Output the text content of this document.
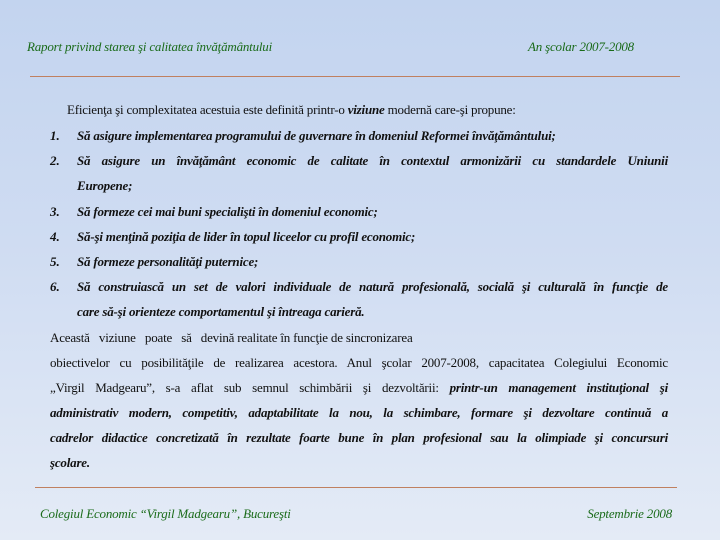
Raport privind starea şi calitatea învăţământului	An şcolar 2007-2008
Eficienţa şi complexitatea acestuia este definită printr-o viziune modernă care-şi propune:
1. Să asigure implementarea programului de guvernare în domeniul Reformei învăţământului;
2. Să asigure un învăţământ economic de calitate în contextul armonizării cu standardele Uniunii
Europene;
3. Să formeze cei mai buni specialişti în domeniul economic;
4. Să-şi menţină poziţia de lider în topul liceelor cu profil economic;
5. Să formeze personalităţi puternice;
6. Să construiască un set de valori individuale de natură profesională, socială şi culturală în funcţie de
care să-şi orienteze comportamentul şi întreaga carieră.
Această   viziune   poate   să   devină realitate în funcţie de sincronizarea
obiectivelor cu posibilităţile de realizarea acestora. Anul şcolar 2007-2008, capacitatea Colegiului Economic
„Virgil Madgearu”, s-a aflat sub semnul schimbării şi dezvoltării: printr-un management instituţional şi
administrativ modern, competitiv, adaptabilitate la nou, la schimbare, formare şi dezvoltare continuă a
cadrelor didactice concretizată în rezultate foarte bune în plan profesional sau la olimpiade şi concursuri
şcolare.
Colegiul Economic “Virgil Madgearu”, Bucureşti	Septembrie 2008
